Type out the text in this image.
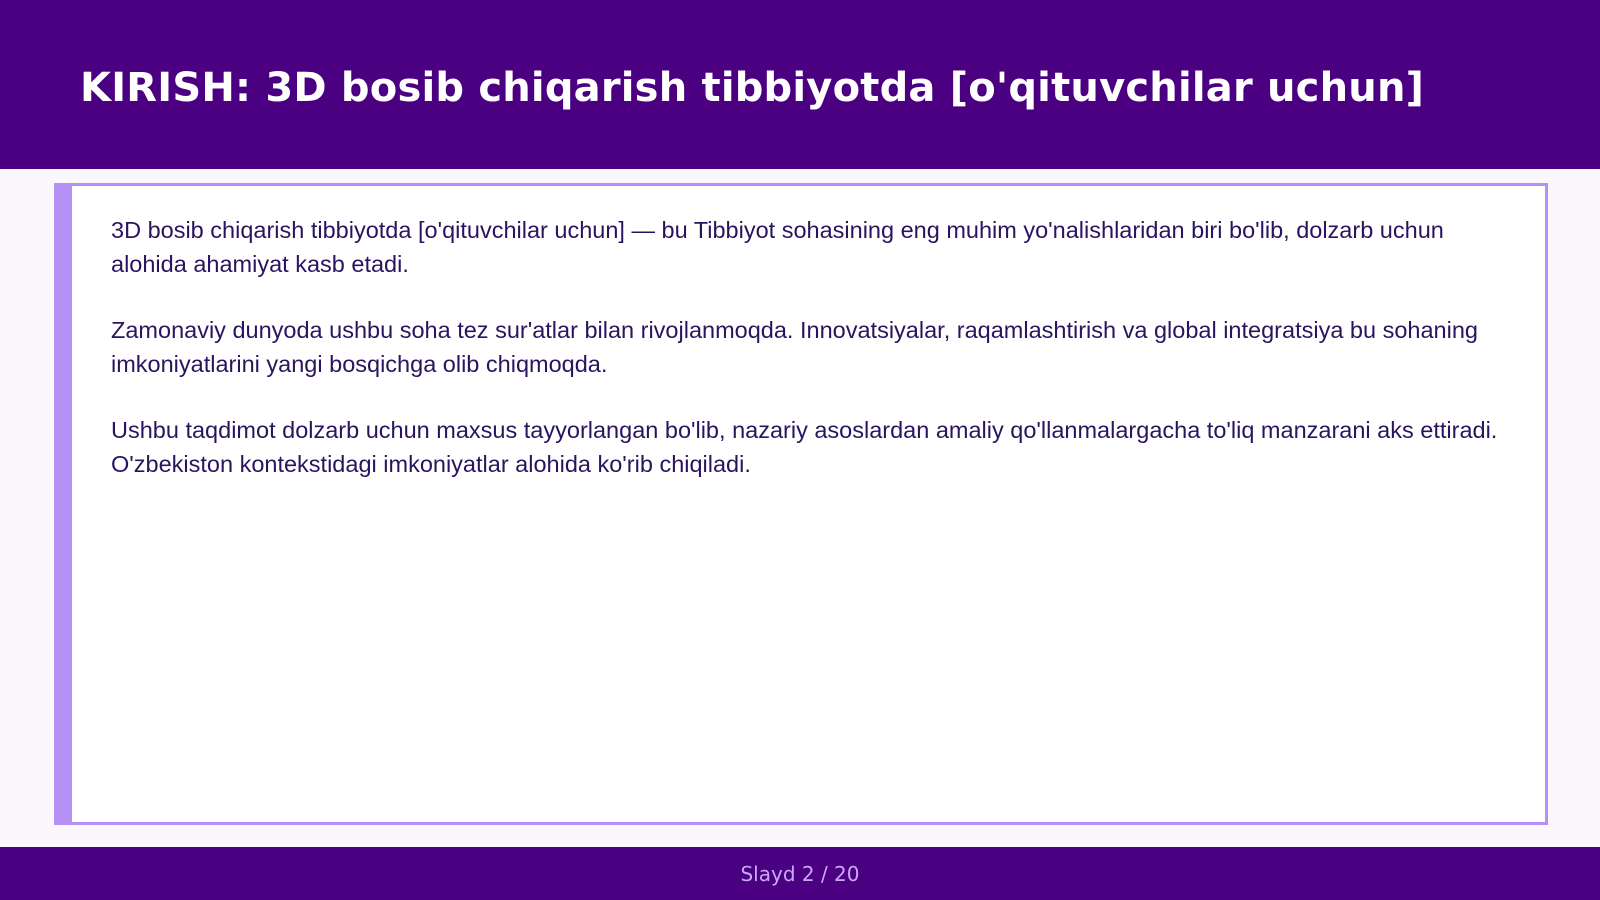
KIRISH: 3D bosib chiqarish tibbiyotda [o'qituvchilar uchun]

3D bosib chiqarish tibbiyotda [o'qituvchilar uchun] — bu Tibbiyot sohasining eng muhim yo'nalishlaridan biri bo'lib, dolzarb uchun alohida ahamiyat kasb etadi.

Zamonaviy dunyoda ushbu soha tez sur'atlar bilan rivojlanmoqda. Innovatsiyalar, raqamlashtirish va global integratsiya bu sohaning imkoniyatlarini yangi bosqichga olib chiqmoqda.

Ushbu taqdimot dolzarb uchun maxsus tayyorlangan bo'lib, nazariy asoslardan amaliy qo'llanmalargacha to'liq manzarani aks ettiradi. O'zbekiston kontekstidagi imkoniyatlar alohida ko'rib chiqiladi.

Slayd 2 / 20
